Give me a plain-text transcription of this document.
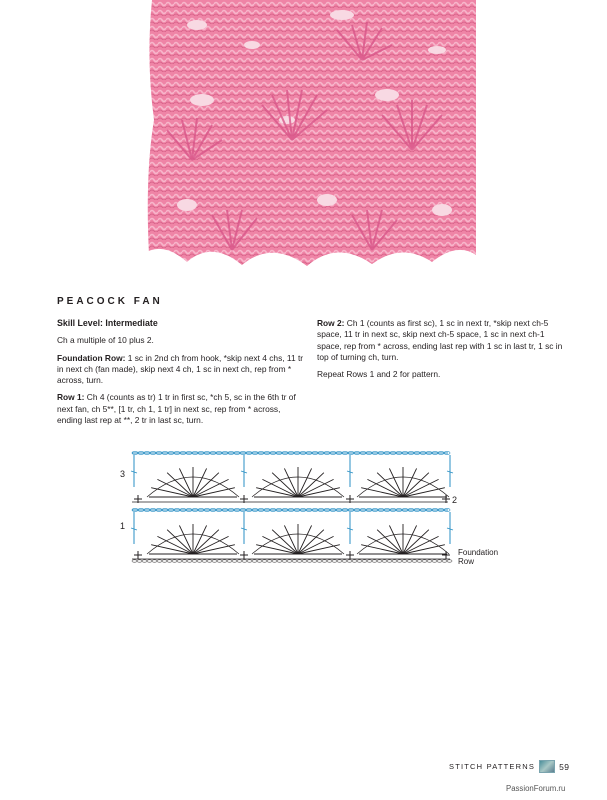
PEACOCK FAN

Skill Level: Intermediate

Ch a multiple of 10 plus 2.

Foundation Row: 1 sc in 2nd ch from hook, *skip next 4 chs, 11 tr in next ch (fan made), skip next 4 ch, 1 sc in next ch, rep from * across, turn.

Row 1: Ch 4 (counts as tr) 1 tr in first sc, *ch 5, sc in the 6th tr of next fan, ch 5**, [1 tr, ch 1, 1 tr] in next sc, rep from * across, ending last rep at **, 2 tr in last sc, turn.

Row 2: Ch 1 (counts as first sc), 1 sc in next tr, *skip next ch-5 space, 11 tr in next sc, skip next ch-5 space, 1 sc in next ch-1 space, rep from * across, ending last rep with 1 sc in last tr, 1 sc in top of turning ch, turn.

Repeat Rows 1 and 2 for pattern.

3
2
1
Foundation
Row
STITCH PATTERNS	59
PassionForum.ru
